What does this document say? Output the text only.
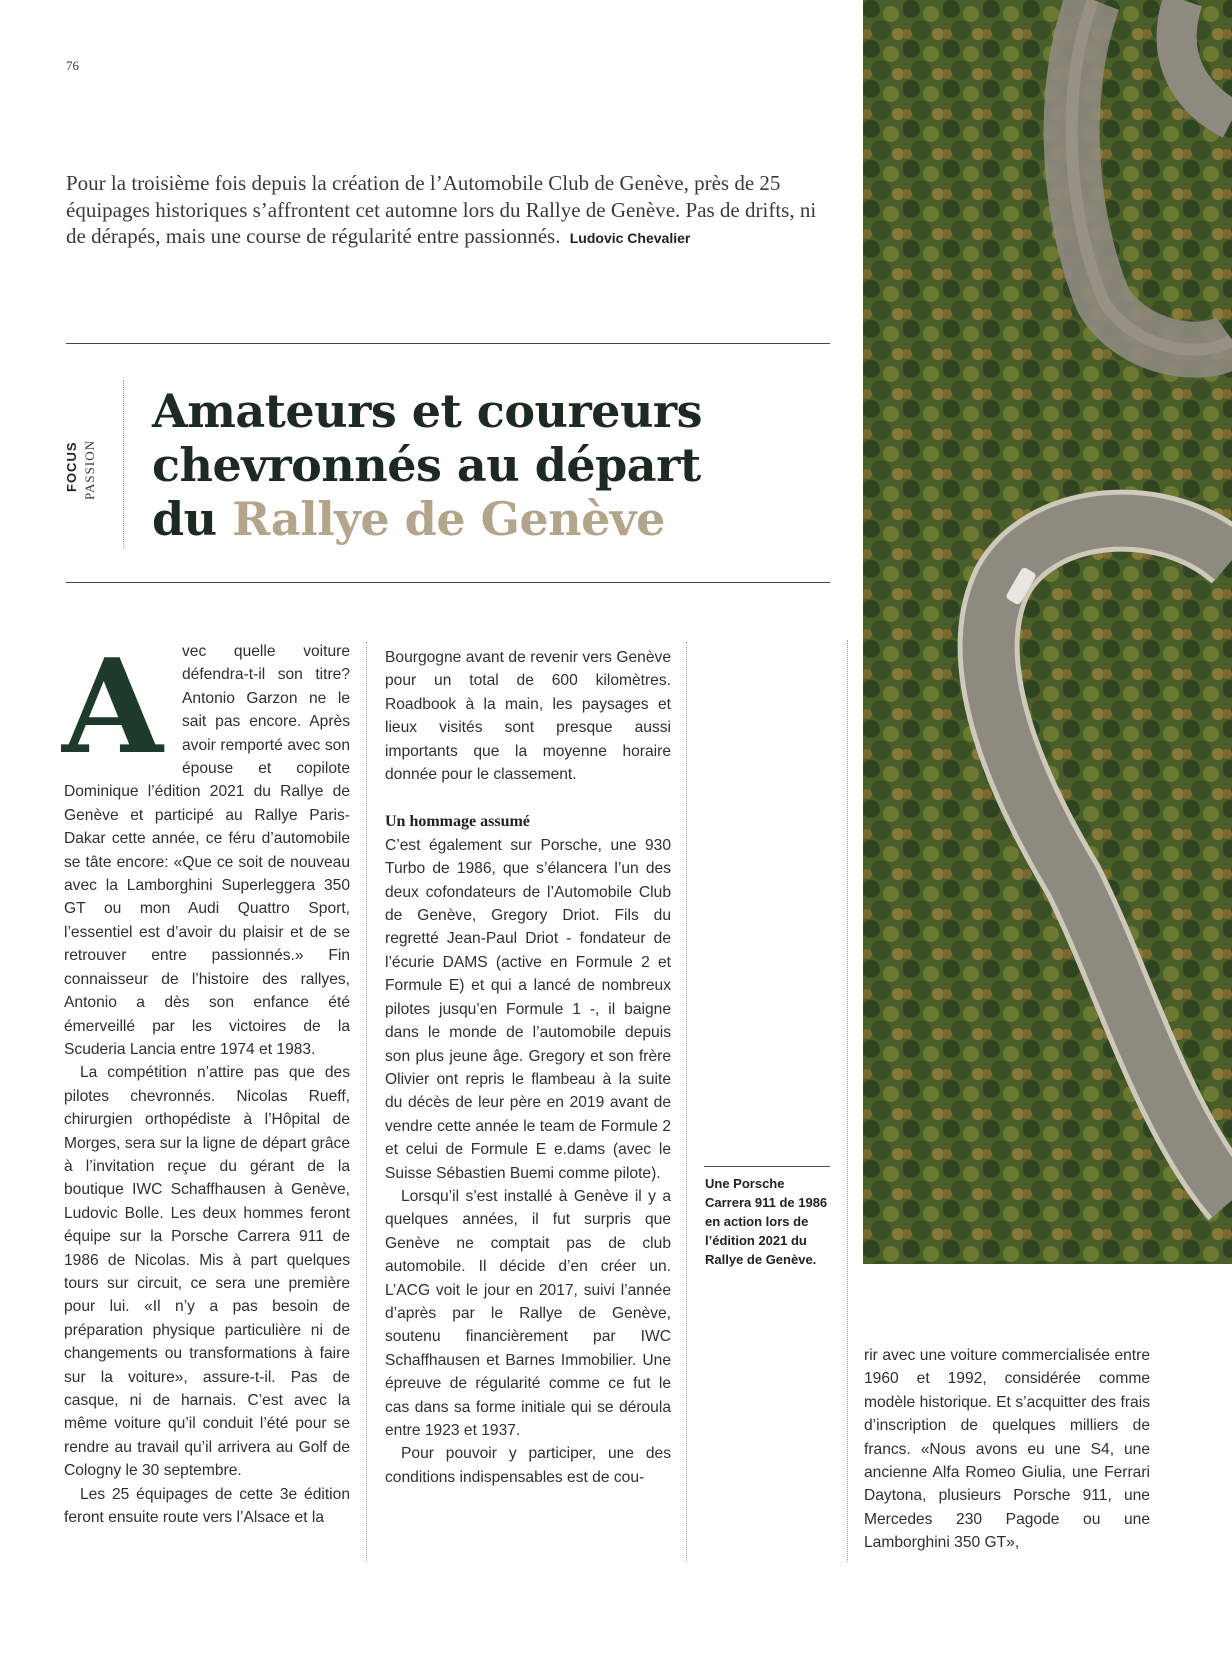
76
Pour la troisième fois depuis la création de l’Automobile Club de Genève, près de 25 équipages historiques s’affrontent cet automne lors du Rallye de Genève. Pas de drifts, ni de dérapés, mais une course de régularité entre passionnés. Ludovic Chevalier
FOCUS PASSION
Amateurs et coureurs
chevronnés au départ
du Rallye de Genève
A	vec quelle voiture défendra-t-il son titre? Antonio Garzon ne le sait pas encore. Après avoir remporté avec son épouse et copilote Dominique l’édition 2021 du Rallye de Genève et participé au Rallye Paris-Dakar cette année, ce féru d’automobile se tâte encore: «Que ce soit de nouveau avec la Lamborghini Superleggera 350 GT ou mon Audi Quattro Sport, l’essentiel est d’avoir du plaisir et de se retrouver entre passionnés.» Fin connaisseur de l’histoire des rallyes, Antonio a dès son enfance été émerveillé par les victoires de la Scuderia Lancia entre 1974 et 1983.

La compétition n’attire pas que des pilotes chevronnés. Nicolas Rueff, chirurgien orthopédiste à l’Hôpital de Morges, sera sur la ligne de départ grâce à l’invitation reçue du gérant de la boutique IWC Schaffhausen à Genève, Ludovic Bolle. Les deux hommes feront équipe sur la Porsche Carrera 911 de 1986 de Nicolas. Mis à part quelques tours sur circuit, ce sera une première pour lui. «Il n’y a pas besoin de préparation physique particulière ni de changements ou transformations à faire sur la voiture», assure-t-il. Pas de casque, ni de harnais. C’est avec la même voiture qu’il conduit l’été pour se rendre au travail qu’il arrivera au Golf de Cologny le 30 septembre.

Les 25 équipages de cette 3e édition feront ensuite route vers l’Alsace et la

Bourgogne avant de revenir vers Genève pour un total de 600 kilomètres. Roadbook à la main, les paysages et lieux visités sont presque aussi importants que la moyenne horaire donnée pour le classement.

Un hommage assumé

C’est également sur Porsche, une 930 Turbo de 1986, que s’élancera l’un des deux cofondateurs de l’Automobile Club de Genève, Gregory Driot. Fils du regretté Jean-Paul Driot - fondateur de l’écurie DAMS (active en Formule 2 et Formule E) et qui a lancé de nombreux pilotes jusqu’en Formule 1 -, il baigne dans le monde de l’automobile depuis son plus jeune âge. Gregory et son frère Olivier ont repris le flambeau à la suite du décès de leur père en 2019 avant de vendre cette année le team de Formule 2 et celui de Formule E e.dams (avec le Suisse Sébastien Buemi comme pilote).

Lorsqu’il s’est installé à Genève il y a quelques années, il fut surpris que Genève ne comptait pas de club automobile. Il décide d’en créer un. L’ACG voit le jour en 2017, suivi l’année d’après par le Rallye de Genève, soutenu financièrement par IWC Schaffhausen et Barnes Immobilier. Une épreuve de régularité comme ce fut le cas dans sa forme initiale qui se déroula entre 1923 et 1937.

Pour pouvoir y participer, une des conditions indispensables est de cou-

Une Porsche Carrera 911 de 1986 en action lors de l’édition 2021 du Rallye de Genève.

rir avec une voiture commercialisée entre 1960 et 1992, considérée comme modèle historique. Et s’acquitter des frais d’inscription de quelques milliers de francs. «Nous avons eu une S4, une ancienne Alfa Romeo Giulia, une Ferrari Daytona, plusieurs Porsche 911, une Mercedes 230 Pagode ou une Lamborghini 350 GT»,
